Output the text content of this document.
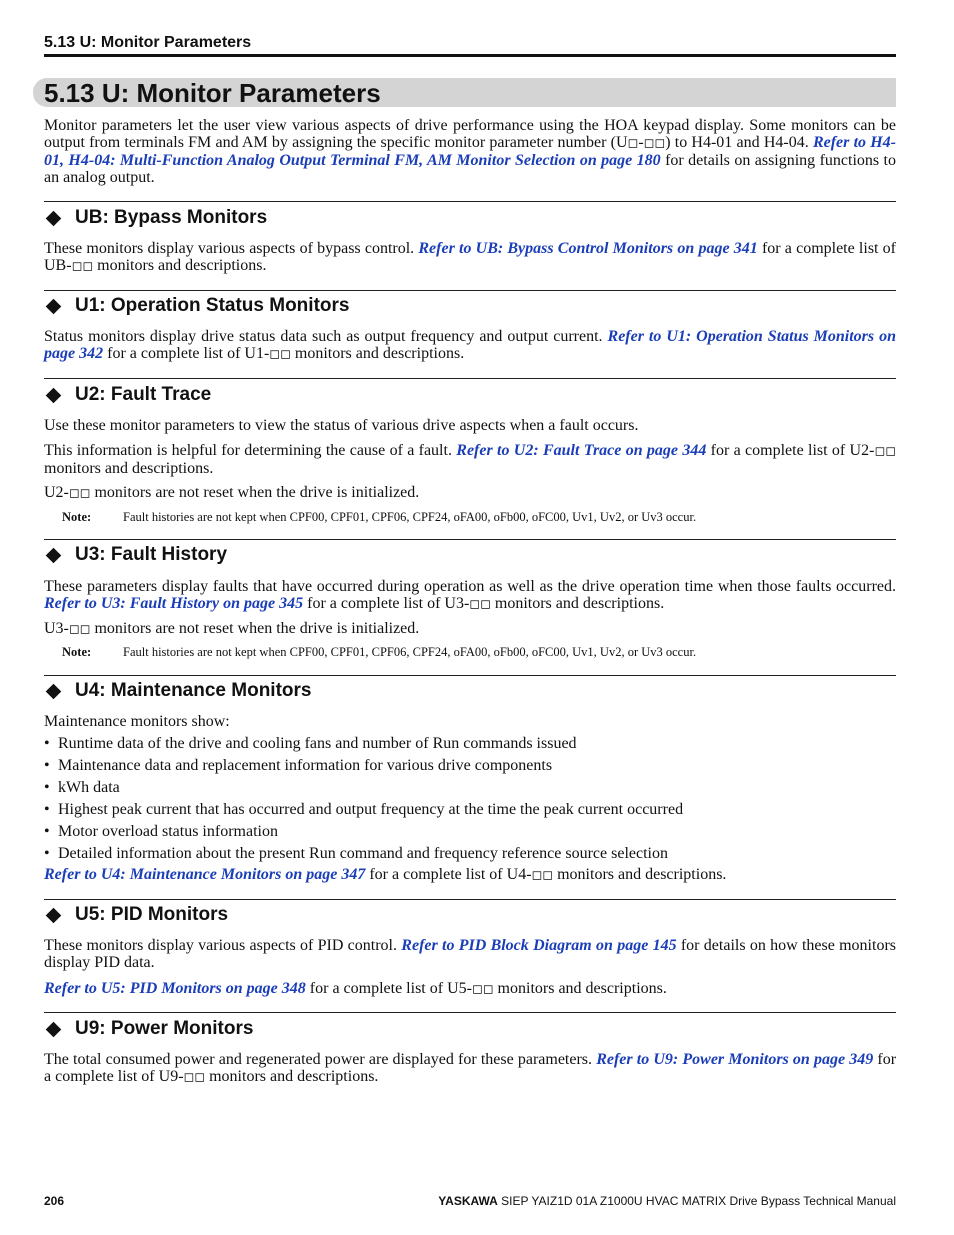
5.13 U: Monitor Parameters
5.13 U: Monitor Parameters

Monitor parameters let the user view various aspects of drive performance using the HOA keypad display. Some monitors can be output from terminals FM and AM by assigning the specific monitor parameter number (U◻-◻◻) to H4-01 and H4-04. Refer to H4-01, H4-04: Multi-Function Analog Output Terminal FM, AM Monitor Selection on page 180 for details on assigning functions to an analog output.

UB: Bypass Monitors

These monitors display various aspects of bypass control. Refer to UB: Bypass Control Monitors on page 341 for a complete list of UB-◻◻ monitors and descriptions.

U1: Operation Status Monitors

Status monitors display drive status data such as output frequency and output current. Refer to U1: Operation Status Monitors on page 342 for a complete list of U1-◻◻ monitors and descriptions.

U2: Fault Trace

Use these monitor parameters to view the status of various drive aspects when a fault occurs.

This information is helpful for determining the cause of a fault. Refer to U2: Fault Trace on page 344 for a complete list of U2-◻◻ monitors and descriptions.

U2-◻◻ monitors are not reset when the drive is initialized.

Note:	Fault histories are not kept when CPF00, CPF01, CPF06, CPF24, oFA00, oFb00, oFC00, Uv1, Uv2, or Uv3 occur.
U3: Fault History

These parameters display faults that have occurred during operation as well as the drive operation time when those faults occurred. Refer to U3: Fault History on page 345 for a complete list of U3-◻◻ monitors and descriptions.

U3-◻◻ monitors are not reset when the drive is initialized.

Note:	Fault histories are not kept when CPF00, CPF01, CPF06, CPF24, oFA00, oFb00, oFC00, Uv1, Uv2, or Uv3 occur.
U4: Maintenance Monitors

Maintenance monitors show:

• Runtime data of the drive and cooling fans and number of Run commands issued
• Maintenance data and replacement information for various drive components
• kWh data
• Highest peak current that has occurred and output frequency at the time the peak current occurred
• Motor overload status information
• Detailed information about the present Run command and frequency reference source selection

Refer to U4: Maintenance Monitors on page 347 for a complete list of U4-◻◻ monitors and descriptions.

U5: PID Monitors

These monitors display various aspects of PID control. Refer to PID Block Diagram on page 145 for details on how these monitors display PID data.

Refer to U5: PID Monitors on page 348 for a complete list of U5-◻◻ monitors and descriptions.

U9: Power Monitors

The total consumed power and regenerated power are displayed for these parameters. Refer to U9: Power Monitors on page 349 for a complete list of U9-◻◻ monitors and descriptions.

206	YASKAWA SIEP YAIZ1D 01A Z1000U HVAC MATRIX Drive Bypass Technical Manual
